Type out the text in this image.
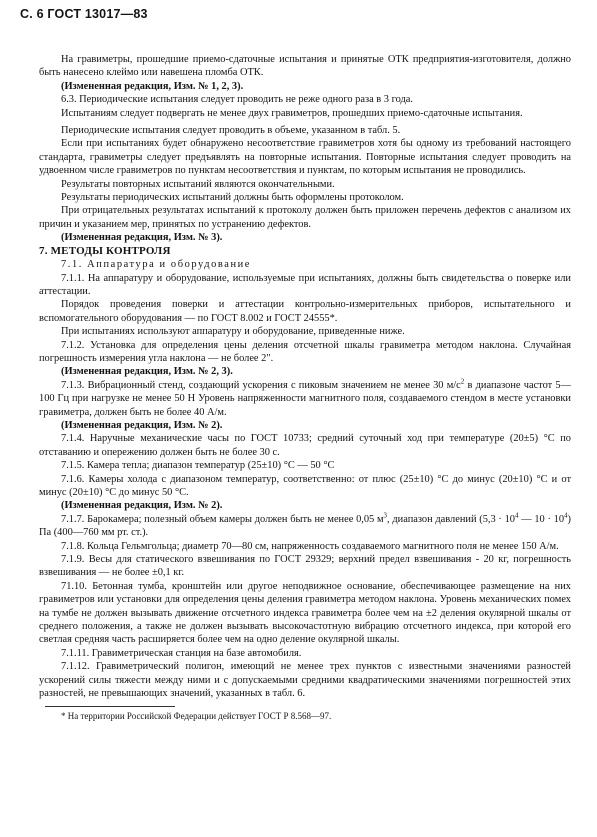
С. 6 ГОСТ 13017—83

На гравиметры, прошедшие приемо-сдаточные испытания и принятые ОТК предприятия-изготовителя, должно быть нанесено клеймо или навешена пломба ОТК.

(Измененная редакция, Изм. № 1, 2, 3).

6.3. Периодические испытания следует проводить не реже одного раза в 3 года.

Испытаниям следует подвергать не менее двух гравиметров, прошедших приемо-сдаточные испытания.

Периодические испытания следует проводить в объеме, указанном в табл. 5.

Если при испытаниях будет обнаружено несоответствие гравиметров хотя бы одному из требований настоящего стандарта, гравиметры следует предъявлять на повторные испытания. Повторные испытания следует проводить на удвоенном числе гравиметров по пунктам несоответствия и пунктам, по которым испытания не проводились.

Результаты повторных испытаний являются окончательными.

Результаты периодических испытаний должны быть оформлены протоколом.

При отрицательных результатах испытаний к протоколу должен быть приложен перечень дефектов с анализом их причин и указанием мер, принятых по устранению дефектов.

(Измененная редакция, Изм. № 3).

7. МЕТОДЫ КОНТРОЛЯ

7.1. Аппаратура и оборудование

7.1.1. На аппаратуру и оборудование, используемые при испытаниях, должны быть свидетельства о поверке или аттестации.

Порядок проведения поверки и аттестации контрольно-измерительных приборов, испытательного и вспомогательного оборудования — по ГОСТ 8.002 и ГОСТ 24555*.

При испытаниях используют аппаратуру и оборудование, приведенные ниже.

7.1.2. Установка для определения цены деления отсчетной шкалы гравиметра методом наклона. Случайная погрешность измерения угла наклона — не более 2".

(Измененная редакция, Изм. № 2, 3).

7.1.3. Вибрационный стенд, создающий ускорения с пиковым значением не менее 30 $м/с^2$ в диапазоне частот 5—100 Гц при нагрузке не менее 50 Н Уровень напряженности магнитного поля, создаваемого стендом в месте установки гравиметра, должен быть не более 40 А/м.

(Измененная редакция, Изм. № 2).

7.1.4. Наручные механические часы по ГОСТ 10733; средний суточный ход при температуре (20±5) °С по отставанию и опережению должен быть не более 30 с.

7.1.5. Камера тепла; диапазон температур (25±10) °С — 50 °С

7.1.6. Камеры холода с диапазоном температур, соответственно: от плюс (25±10) °С до минус (20±10) °С и от минус (20±10) °С до минус 50 °С.

(Измененная редакция, Изм. № 2).

7.1.7. Барокамера; полезный объем камеры должен быть не менее 0,05 $м^3$, диапазон давлений ($5,3 \cdot 10^4$ — $10 \cdot 10^4$) Па (400—760 мм рт. ст.).

7.1.8. Кольца Гельмгольца; диаметр 70—80 см, напряженность создаваемого магнитного поля не менее 150 А/м.

7.1.9. Весы для статического взвешивания по ГОСТ 29329; верхний предел взвешивания - 20 кг, погрешность взвешивания — не более ±0,1 кг.

71.10. Бетонная тумба, кронштейн или другое неподвижное основание, обеспечивающее размещение на них гравиметров или установки для определения цены деления гравиметра методом наклона. Уровень механических помех на тумбе не должен вызывать движение отсчетного индекса гравиметра более чем на ±2 деления окулярной шкалы от среднего положения, а также не должен вызывать высокочастотную вибрацию отсчетного индекса, при которой его светлая средняя часть расширяется более чем на одно деление окулярной шкалы.

7.1.11. Гравиметрическая станция на базе автомобиля.

7.1.12. Гравиметрический полигон, имеющий не менее трех пунктов с известными значениями разностей ускорений силы тяжести между ними и с допускаемыми средними квадратическими значениями погрешностей этих разностей, не превышающих значений, указанных в табл. 6.

* На территории Российской Федерации действует ГОСТ Р 8.568—97.
